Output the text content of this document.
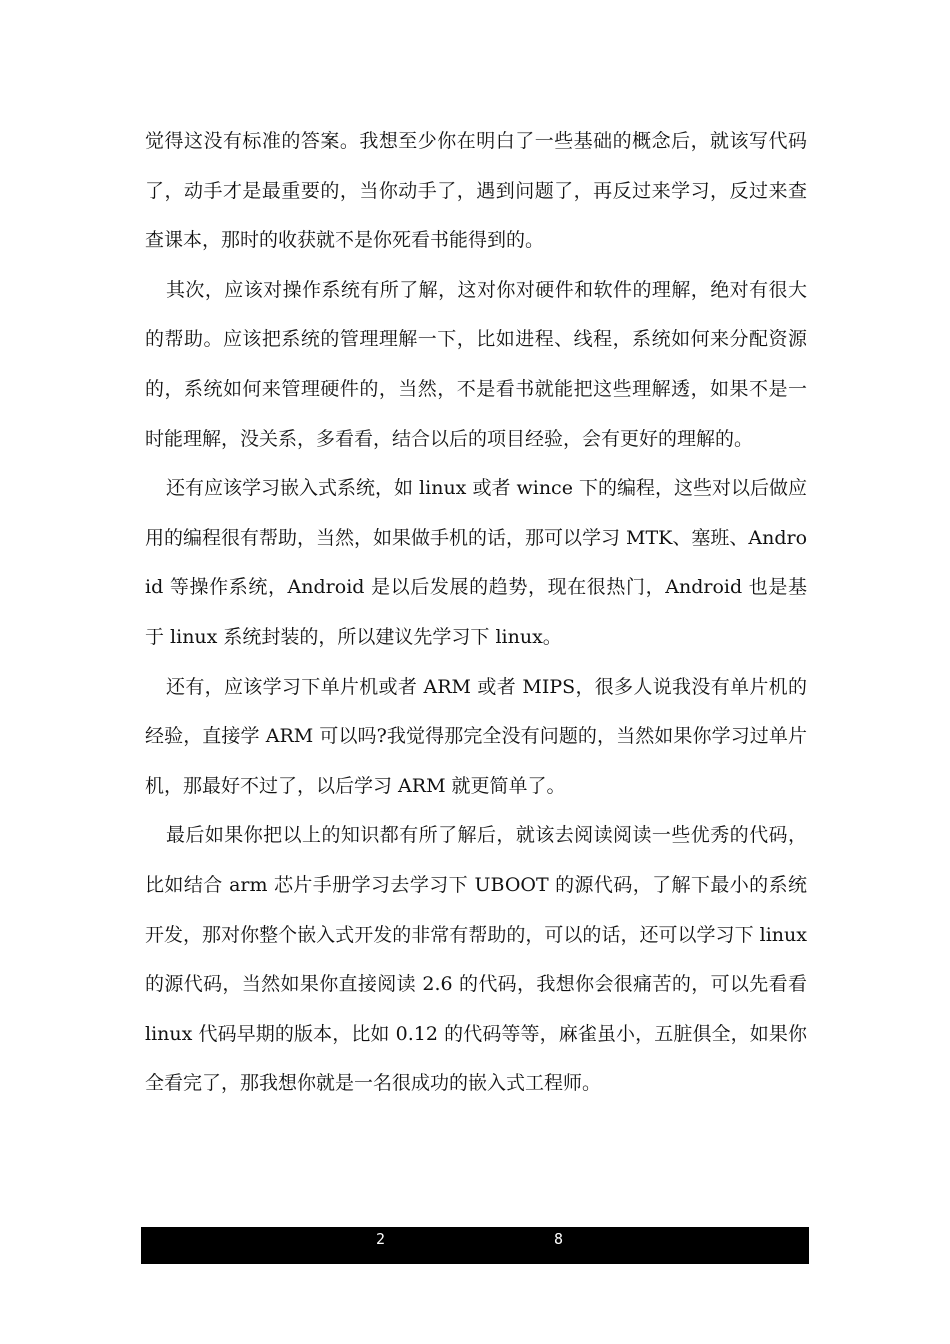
觉得这没有标准的答案。我想至少你在明白了一些基础的概念后，就该写代码了，动手才是最重要的，当你动手了，遇到问题了，再反过来学习，反过来查查课本，那时的收获就不是你死看书能得到的。

其次，应该对操作系统有所了解，这对你对硬件和软件的理解，绝对有很大的帮助。应该把系统的管理理解一下，比如进程、线程，系统如何来分配资源的，系统如何来管理硬件的，当然，不是看书就能把这些理解透，如果不是一时能理解，没关系，多看看，结合以后的项目经验，会有更好的理解的。

还有应该学习嵌入式系统，如 linux 或者 wince 下的编程，这些对以后做应用的编程很有帮助，当然，如果做手机的话，那可以学习 MTK、塞班、Android 等操作系统，Android 是以后发展的趋势，现在很热门，Android 也是基于 linux 系统封装的，所以建议先学习下 linux。

还有，应该学习下单片机或者 ARM 或者 MIPS，很多人说我没有单片机的经验，直接学 ARM 可以吗?我觉得那完全没有问题的，当然如果你学习过单片机，那最好不过了，以后学习 ARM 就更简单了。

最后如果你把以上的知识都有所了解后，就该去阅读阅读一些优秀的代码，比如结合 arm 芯片手册学习去学习下 UBOOT 的源代码，了解下最小的系统开发，那对你整个嵌入式开发的非常有帮助的，可以的话，还可以学习下 linux 的源代码，当然如果你直接阅读 2.6 的代码，我想你会很痛苦的，可以先看看 linux 代码早期的版本，比如 0.12 的代码等等，麻雀虽小，五脏俱全，如果你全看完了，那我想你就是一名很成功的嵌入式工程师。

2	8
